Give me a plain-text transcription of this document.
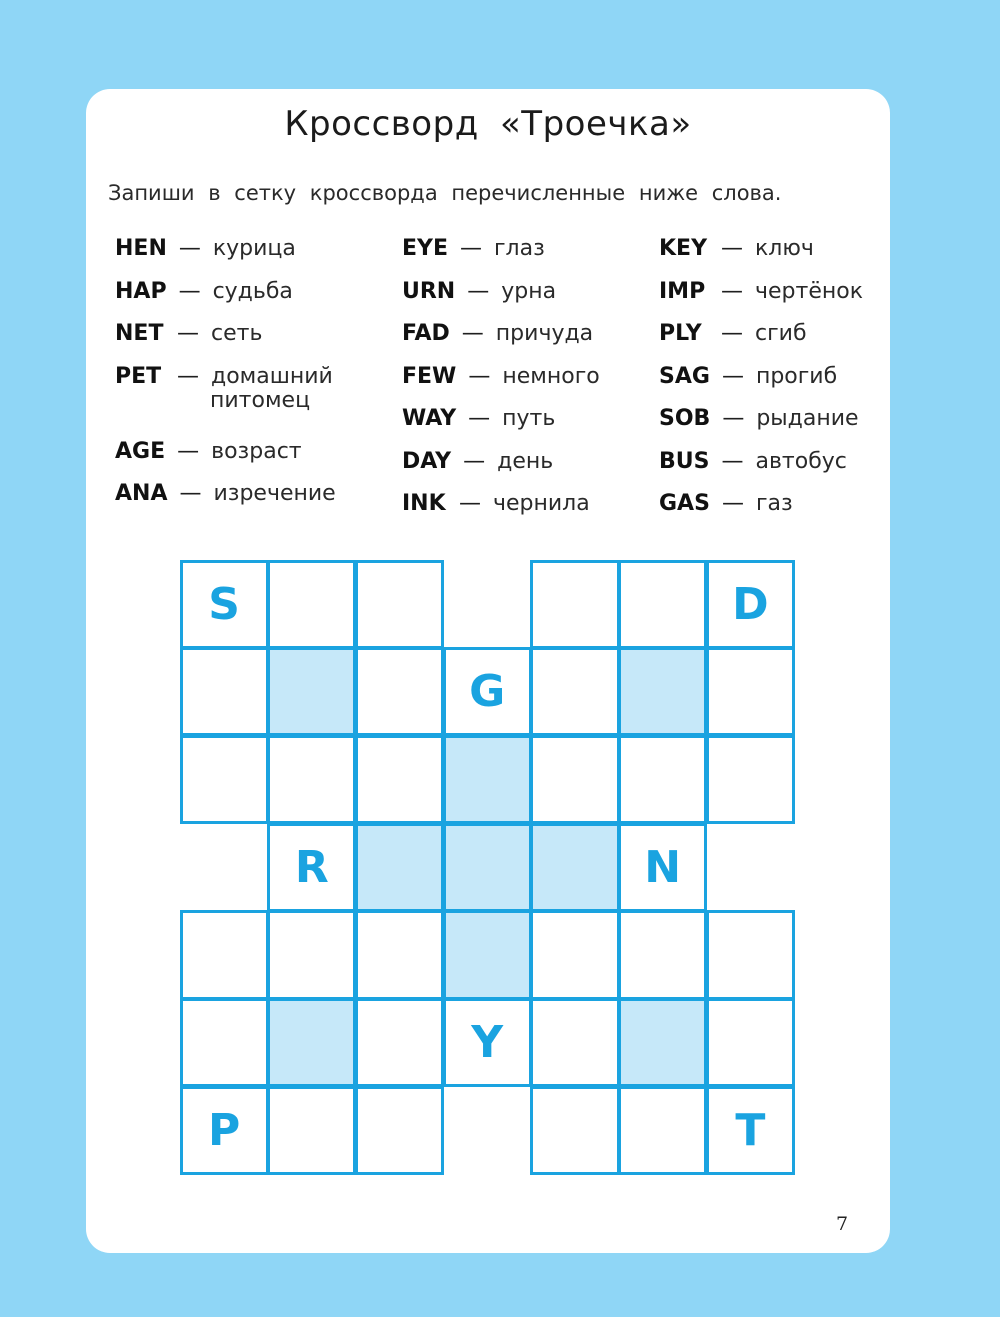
Кроссворд «Троечка»
Запиши в сетку кроссворда перечисленные ниже слова.
HEN — курица
HAP — судьба
NET — сеть
PET — домашний
питомец
AGE — возраст
ANA — изречение
EYE — глаз
URN — урна
FAD — причуда
FEW — немного
WAY — путь
DAY — день
INK — чернила
KEY — ключ
IMP — чертёнок
PLY — сгиб
SAG — прогиб
SOB — рыдание
BUS — автобус
GAS — газ
S	D
G
R	N
Y
P	T
7
